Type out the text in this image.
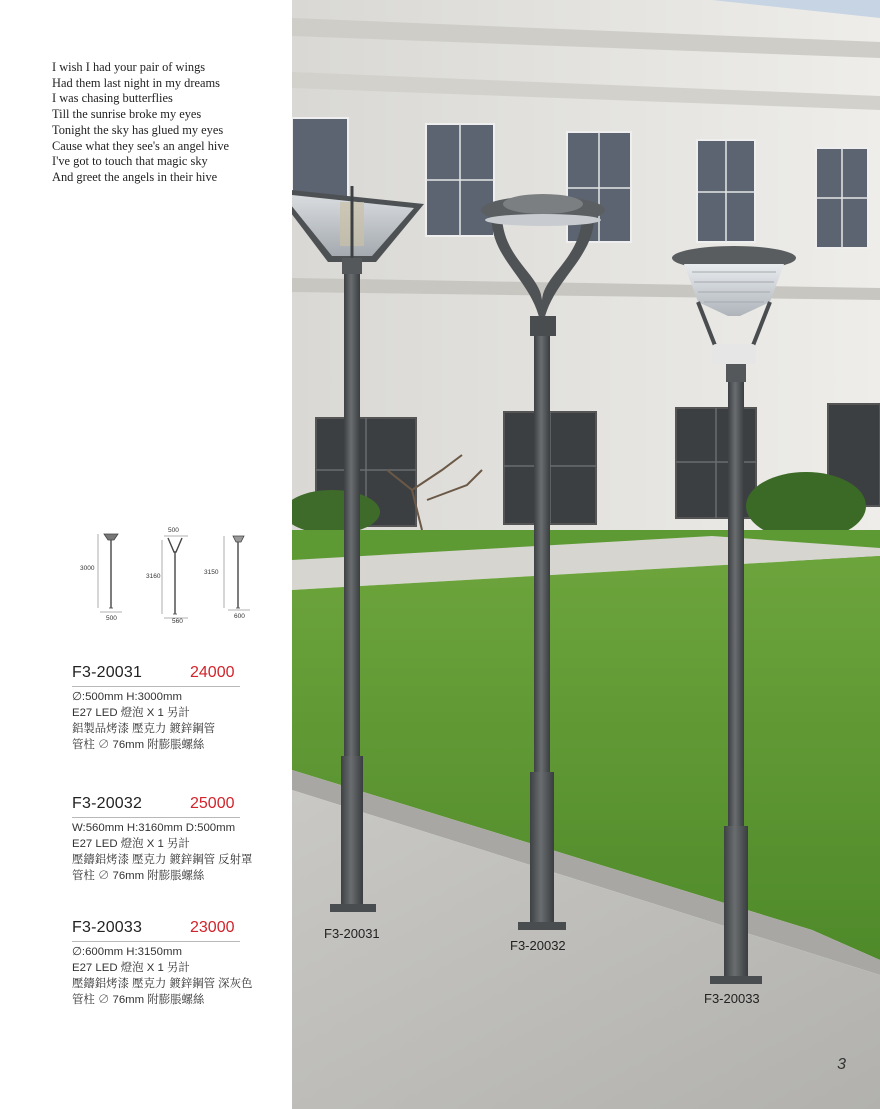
I wish I had your pair of wings
Had them last night in my dreams
I was chasing butterflies
Till the sunrise broke my eyes
Tonight the sky has glued my eyes
Cause what they see's an angel hive
I've got to touch that magic sky
And greet the angels in their hive
3000
500
500
3160
560
3150
600
F3-20031	24000
∅:500mm H:3000mm
E27 LED 燈泡 X 1 另計
鋁製品烤漆 壓克力 鍍鋅鋼管
管柱 ∅ 76mm 附膨脹螺絲
F3-20032	25000
W:560mm H:3160mm D:500mm
E27 LED 燈泡 X 1 另計
壓鑄鋁烤漆 壓克力 鍍鋅鋼管 反射罩
管柱 ∅ 76mm 附膨脹螺絲
F3-20033	23000
∅:600mm H:3150mm
E27 LED 燈泡 X 1 另計
壓鑄鋁烤漆 壓克力 鍍鋅鋼管 深灰色
管柱 ∅ 76mm 附膨脹螺絲
F3-20031
F3-20032
F3-20033
3
